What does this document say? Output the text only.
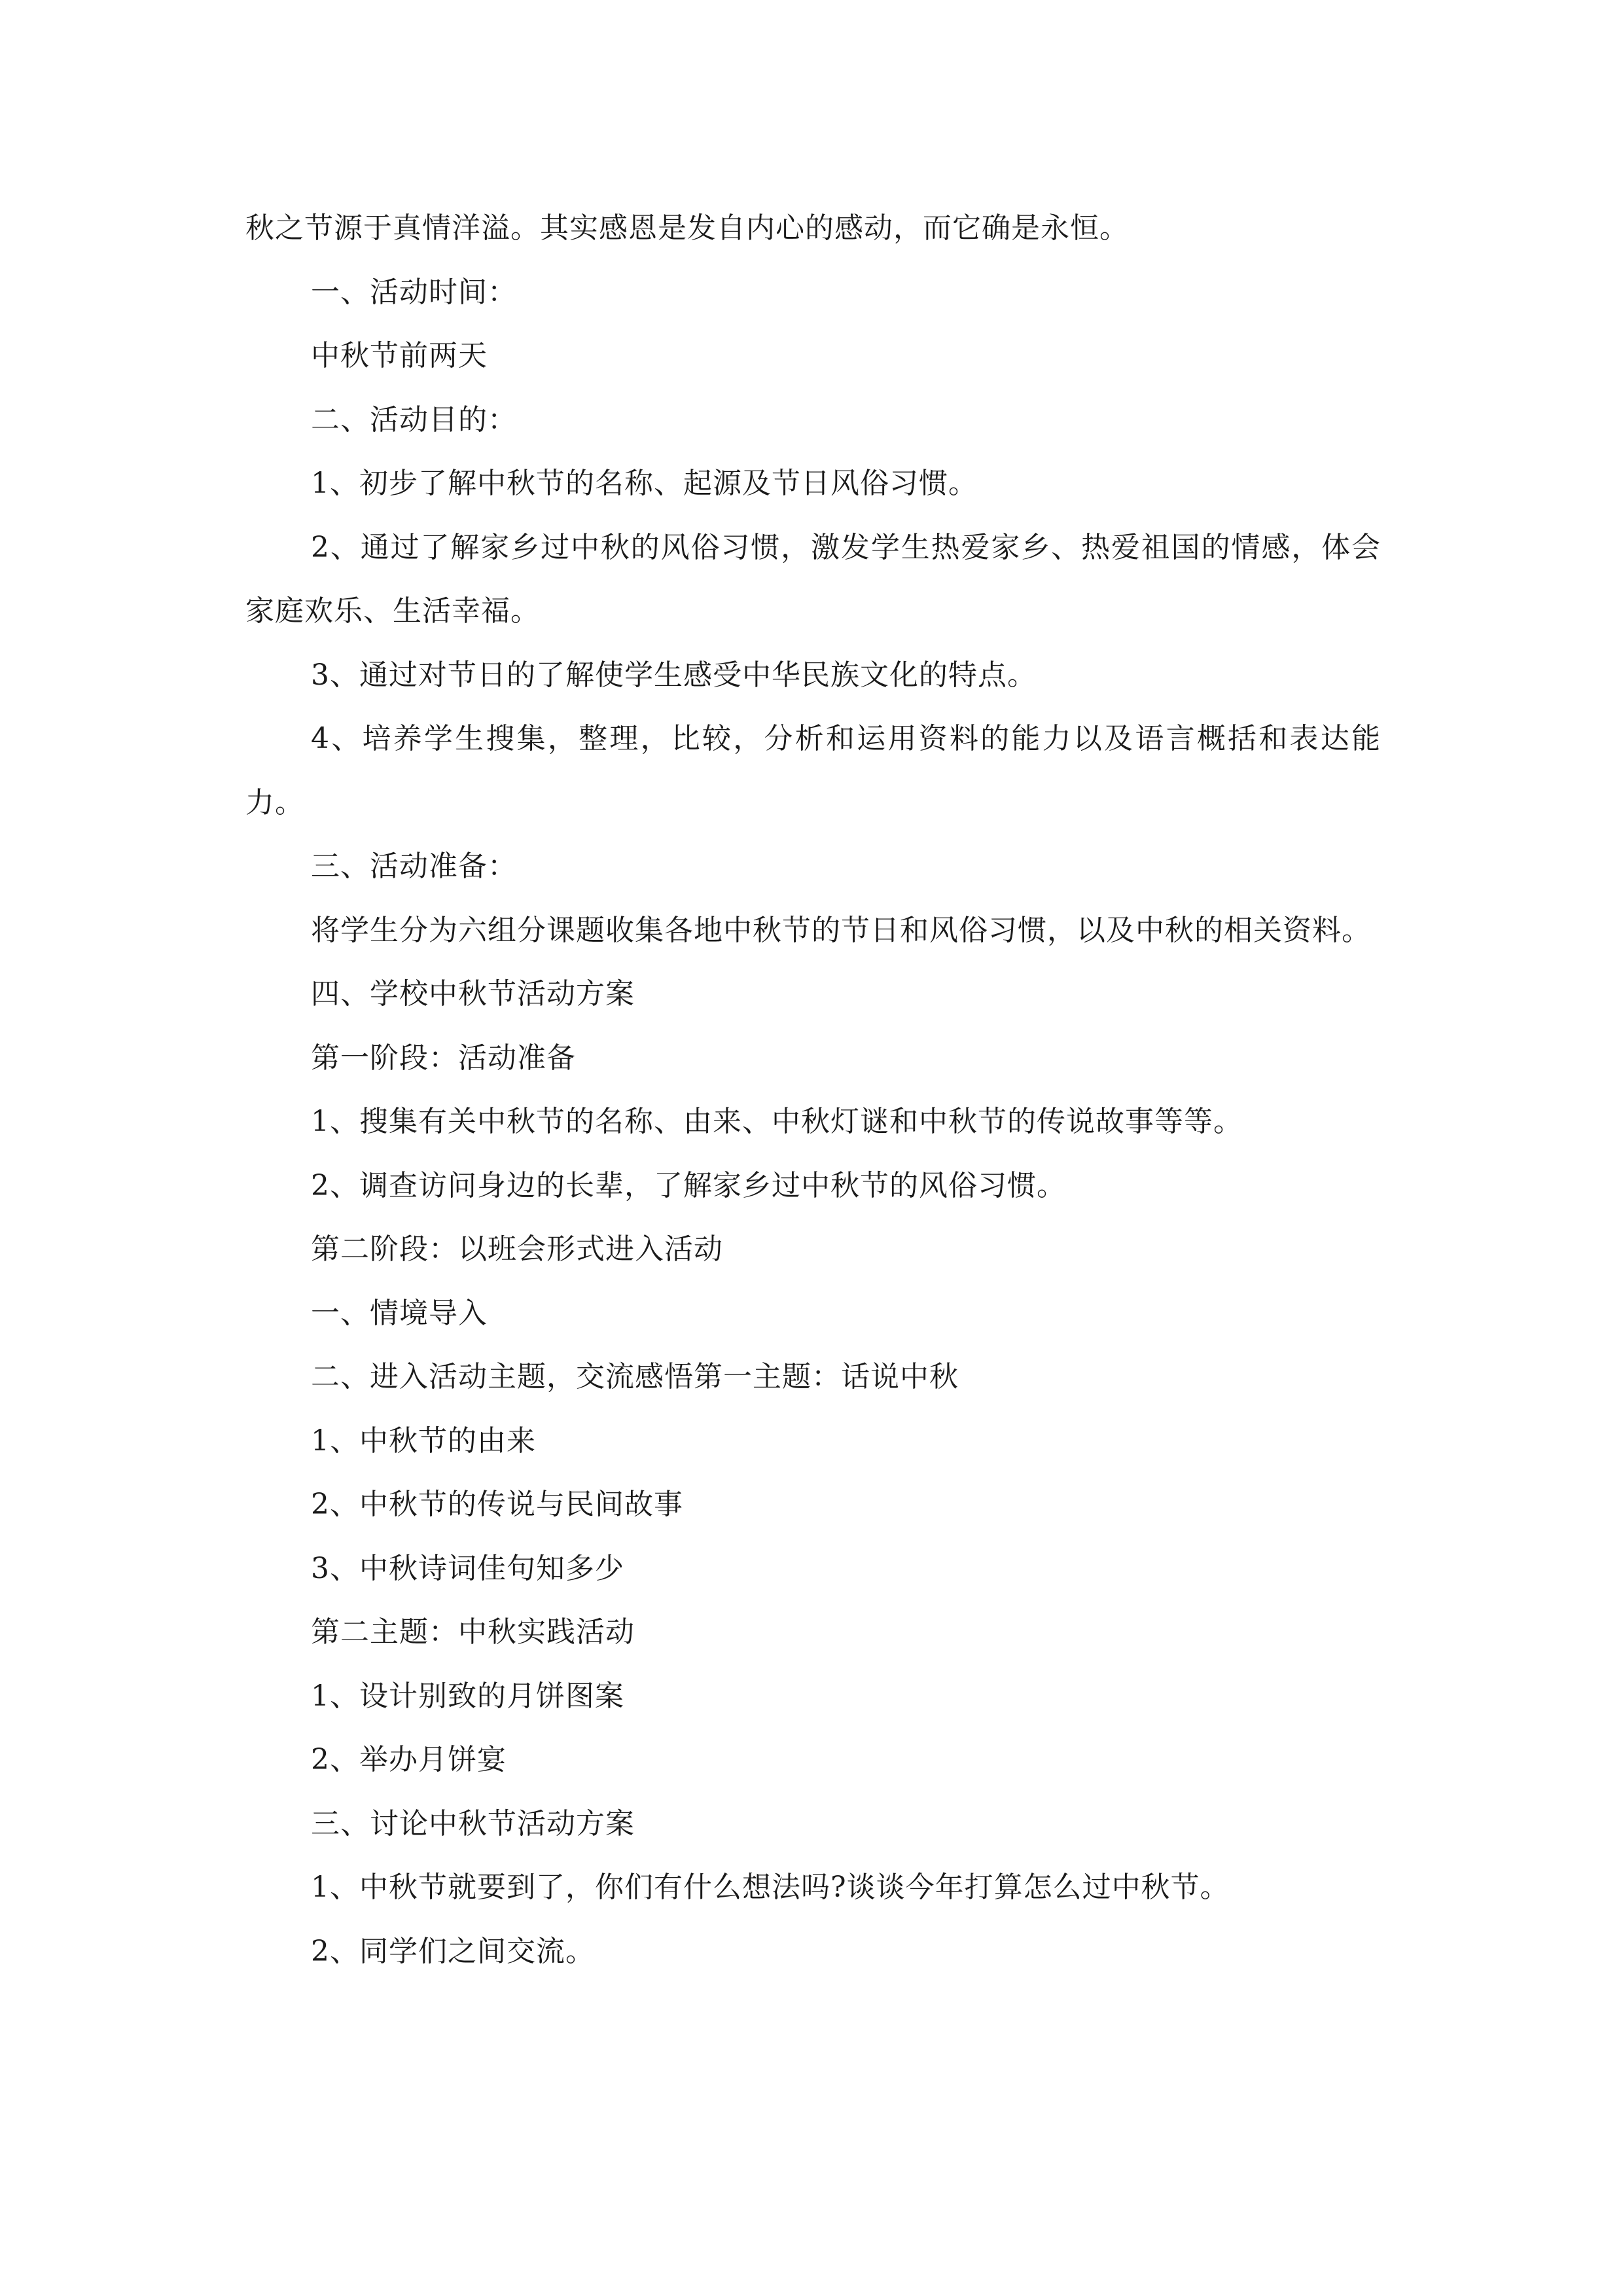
秋之节源于真情洋溢。其实感恩是发自内心的感动，而它确是永恒。

一、活动时间：

中秋节前两天

二、活动目的：

1、初步了解中秋节的名称、起源及节日风俗习惯。

2、通过了解家乡过中秋的风俗习惯，激发学生热爱家乡、热爱祖国的情感，体会家庭欢乐、生活幸福。

3、通过对节日的了解使学生感受中华民族文化的特点。

4、培养学生搜集，整理，比较，分析和运用资料的能力以及语言概括和表达能力。

三、活动准备：

将学生分为六组分课题收集各地中秋节的节日和风俗习惯，以及中秋的相关资料。

四、学校中秋节活动方案

第一阶段：活动准备

1、搜集有关中秋节的名称、由来、中秋灯谜和中秋节的传说故事等等。

2、调查访问身边的长辈，了解家乡过中秋节的风俗习惯。

第二阶段：以班会形式进入活动

一、情境导入

二、进入活动主题，交流感悟第一主题：话说中秋

1、中秋节的由来

2、中秋节的传说与民间故事

3、中秋诗词佳句知多少

第二主题：中秋实践活动

1、设计别致的月饼图案

2、举办月饼宴

三、讨论中秋节活动方案

1、中秋节就要到了，你们有什么想法吗?谈谈今年打算怎么过中秋节。

2、同学们之间交流。
